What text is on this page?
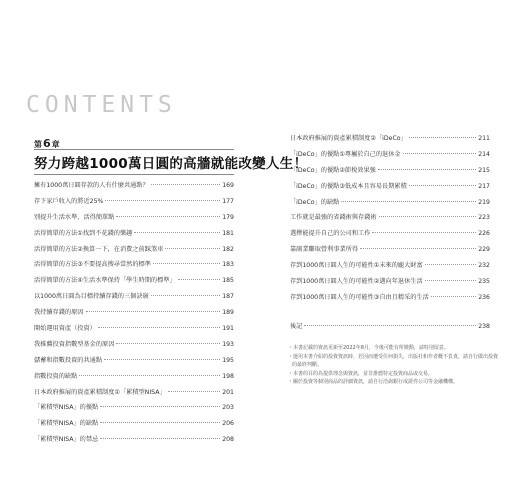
CONTENTS
第6章
努力跨越1000萬日圓的高牆就能改變人生！
擁有1000萬日圓存款的人有什麼共通點？	169
存下家戶收入的將近25%	177
別提升生活水準，活得簡單點	179
活得簡單的方法①找到不花錢的樂趣	181
活得簡單的方法②換算一下，在消費之前踩煞車	182
活得簡單的方法③不要提高搜尋當然的標準	183
活得簡單的方法④生活水準保持「學生時期的標準」	185
以1000萬日圓為目標持續存錢的三個訣竅	187
我持續存錢的原因	189
開始運用資產（投資）	191
我推薦投資指數型基金的原因	193
儲蓄和指數投資的共通點	195
指數投資的缺點	198
日本政府推展的資產累積制度①「累積型NISA」	201
「累積型NISA」的優點	203
「累積型NISA」的缺點	206
「累積型NISA」的禁忌	208
日本政府推展的資產累積制度②「iDeCo」	211
「iDeCo」的優點①專屬於自己的退休金	214
「iDeCo」的優點②節稅效果強	215
「iDeCo」的優點③低成本且容易長期累積	217
「iDeCo」的缺點	219
工作就是最強的省錢術與存錢術	223
選擇能提升自己的公司和工作	226
靠副業賺取營利事業所得	229
存到1000萬日圓人生的可能性①未來的龐大財富	232
存到1000萬日圓人生的可能性②邁向年退休生活	235
存到1000萬日圓人生的可能性③自由且精采的生活	236
後記	238
・本書記載的資訊更新至2022年8月，今後可能有所變動，請特別留意。
・運用本書介紹的投資資訊時，若因而遭受任何損失，出版社和作者概不負責，請自行做出投資的最終判斷。
・本書的目的為提供理念與資訊，並非推薦特定投資商品或交易。
・關於投資等個別商品的詳細資訊，請自行洽詢銀行或證券公司等金融機構。
